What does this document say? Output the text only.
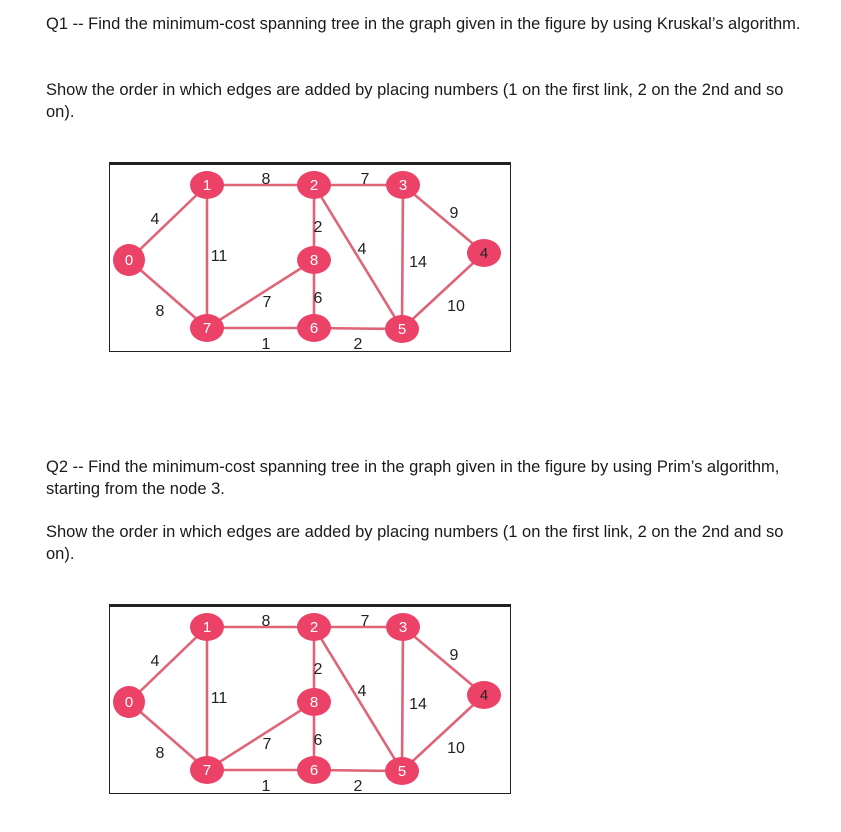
Q1 -- Find the minimum-cost spanning tree in the graph given in the figure by using Kruskal’s algorithm.

Show the order in which edges are added by placing numbers (1 on the first link, 2 on the 2nd and so on).

4
8
8
11
7
2
4
9
14
10
2
1
6
7
0
1	2	3
4
5
6
7
8

Q2 -- Find the minimum-cost spanning tree in the graph given in the figure by using Prim’s algorithm, starting from the node 3.

Show the order in which edges are added by placing numbers (1 on the first link, 2 on the 2nd and so on).

4
8
8
11
7
2
4
9
14
10
2
1
6
7
0
1	2	3
4
5
6
7
8
